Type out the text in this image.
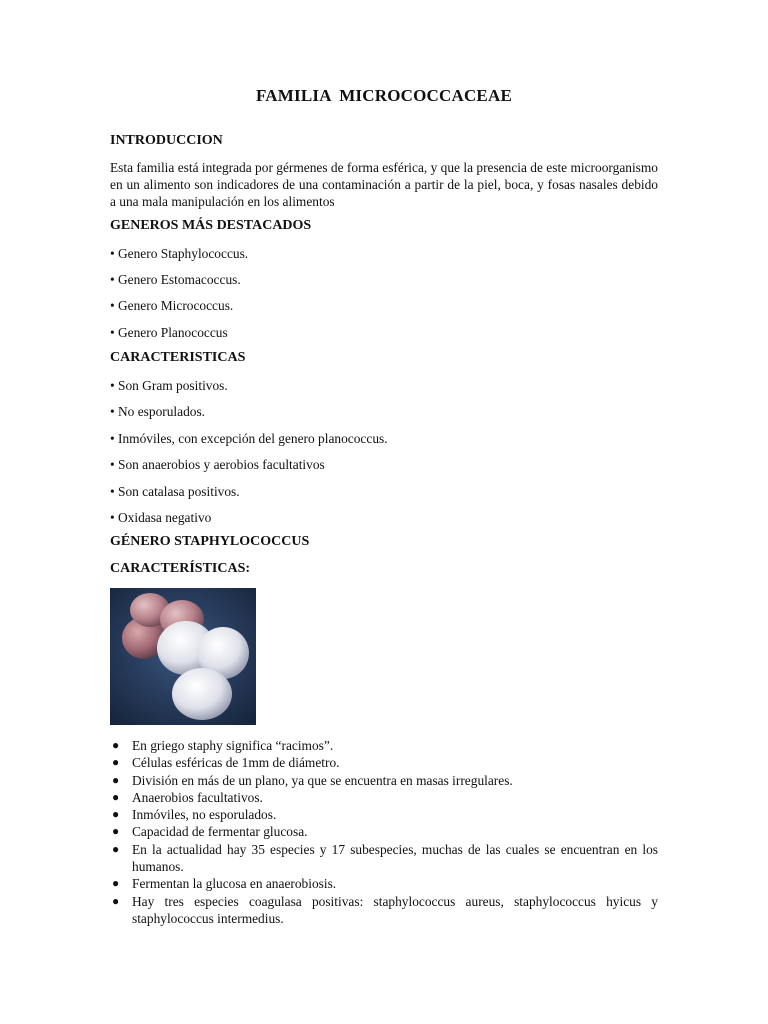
FAMILIA MICROCOCCACEAE
INTRODUCCION

Esta familia está integrada por gérmenes de forma esférica, y que la presencia de este microorganismo en un alimento son indicadores de una contaminación a partir de la piel, boca, y fosas nasales debido a una mala manipulación en los alimentos

GENEROS MÁS DESTACADOS
• Genero Staphylococcus.
• Genero Estomacoccus.
• Genero Micrococcus.
• Genero Planococcus
CARACTERISTICAS
• Son Gram positivos.
• No esporulados.
• Inmóviles, con excepción del genero planococcus.
• Son anaerobios y aerobios facultativos
• Son catalasa positivos.
• Oxidasa negativo
GÉNERO STAPHYLOCOCCUS
CARACTERÍSTICAS:
● En griego staphy significa “racimos”.
● Células esféricas de 1mm de diámetro.
● División en más de un plano, ya que se encuentra en masas irregulares.
● Anaerobios facultativos.
● Inmóviles, no esporulados.
● Capacidad de fermentar glucosa.
● En la actualidad hay 35 especies y 17 subespecies, muchas de las cuales se encuentran en los humanos.
● Fermentan la glucosa en anaerobiosis.
● Hay tres especies coagulasa positivas: staphylococcus aureus, staphylococcus hyicus y staphylococcus intermedius.
